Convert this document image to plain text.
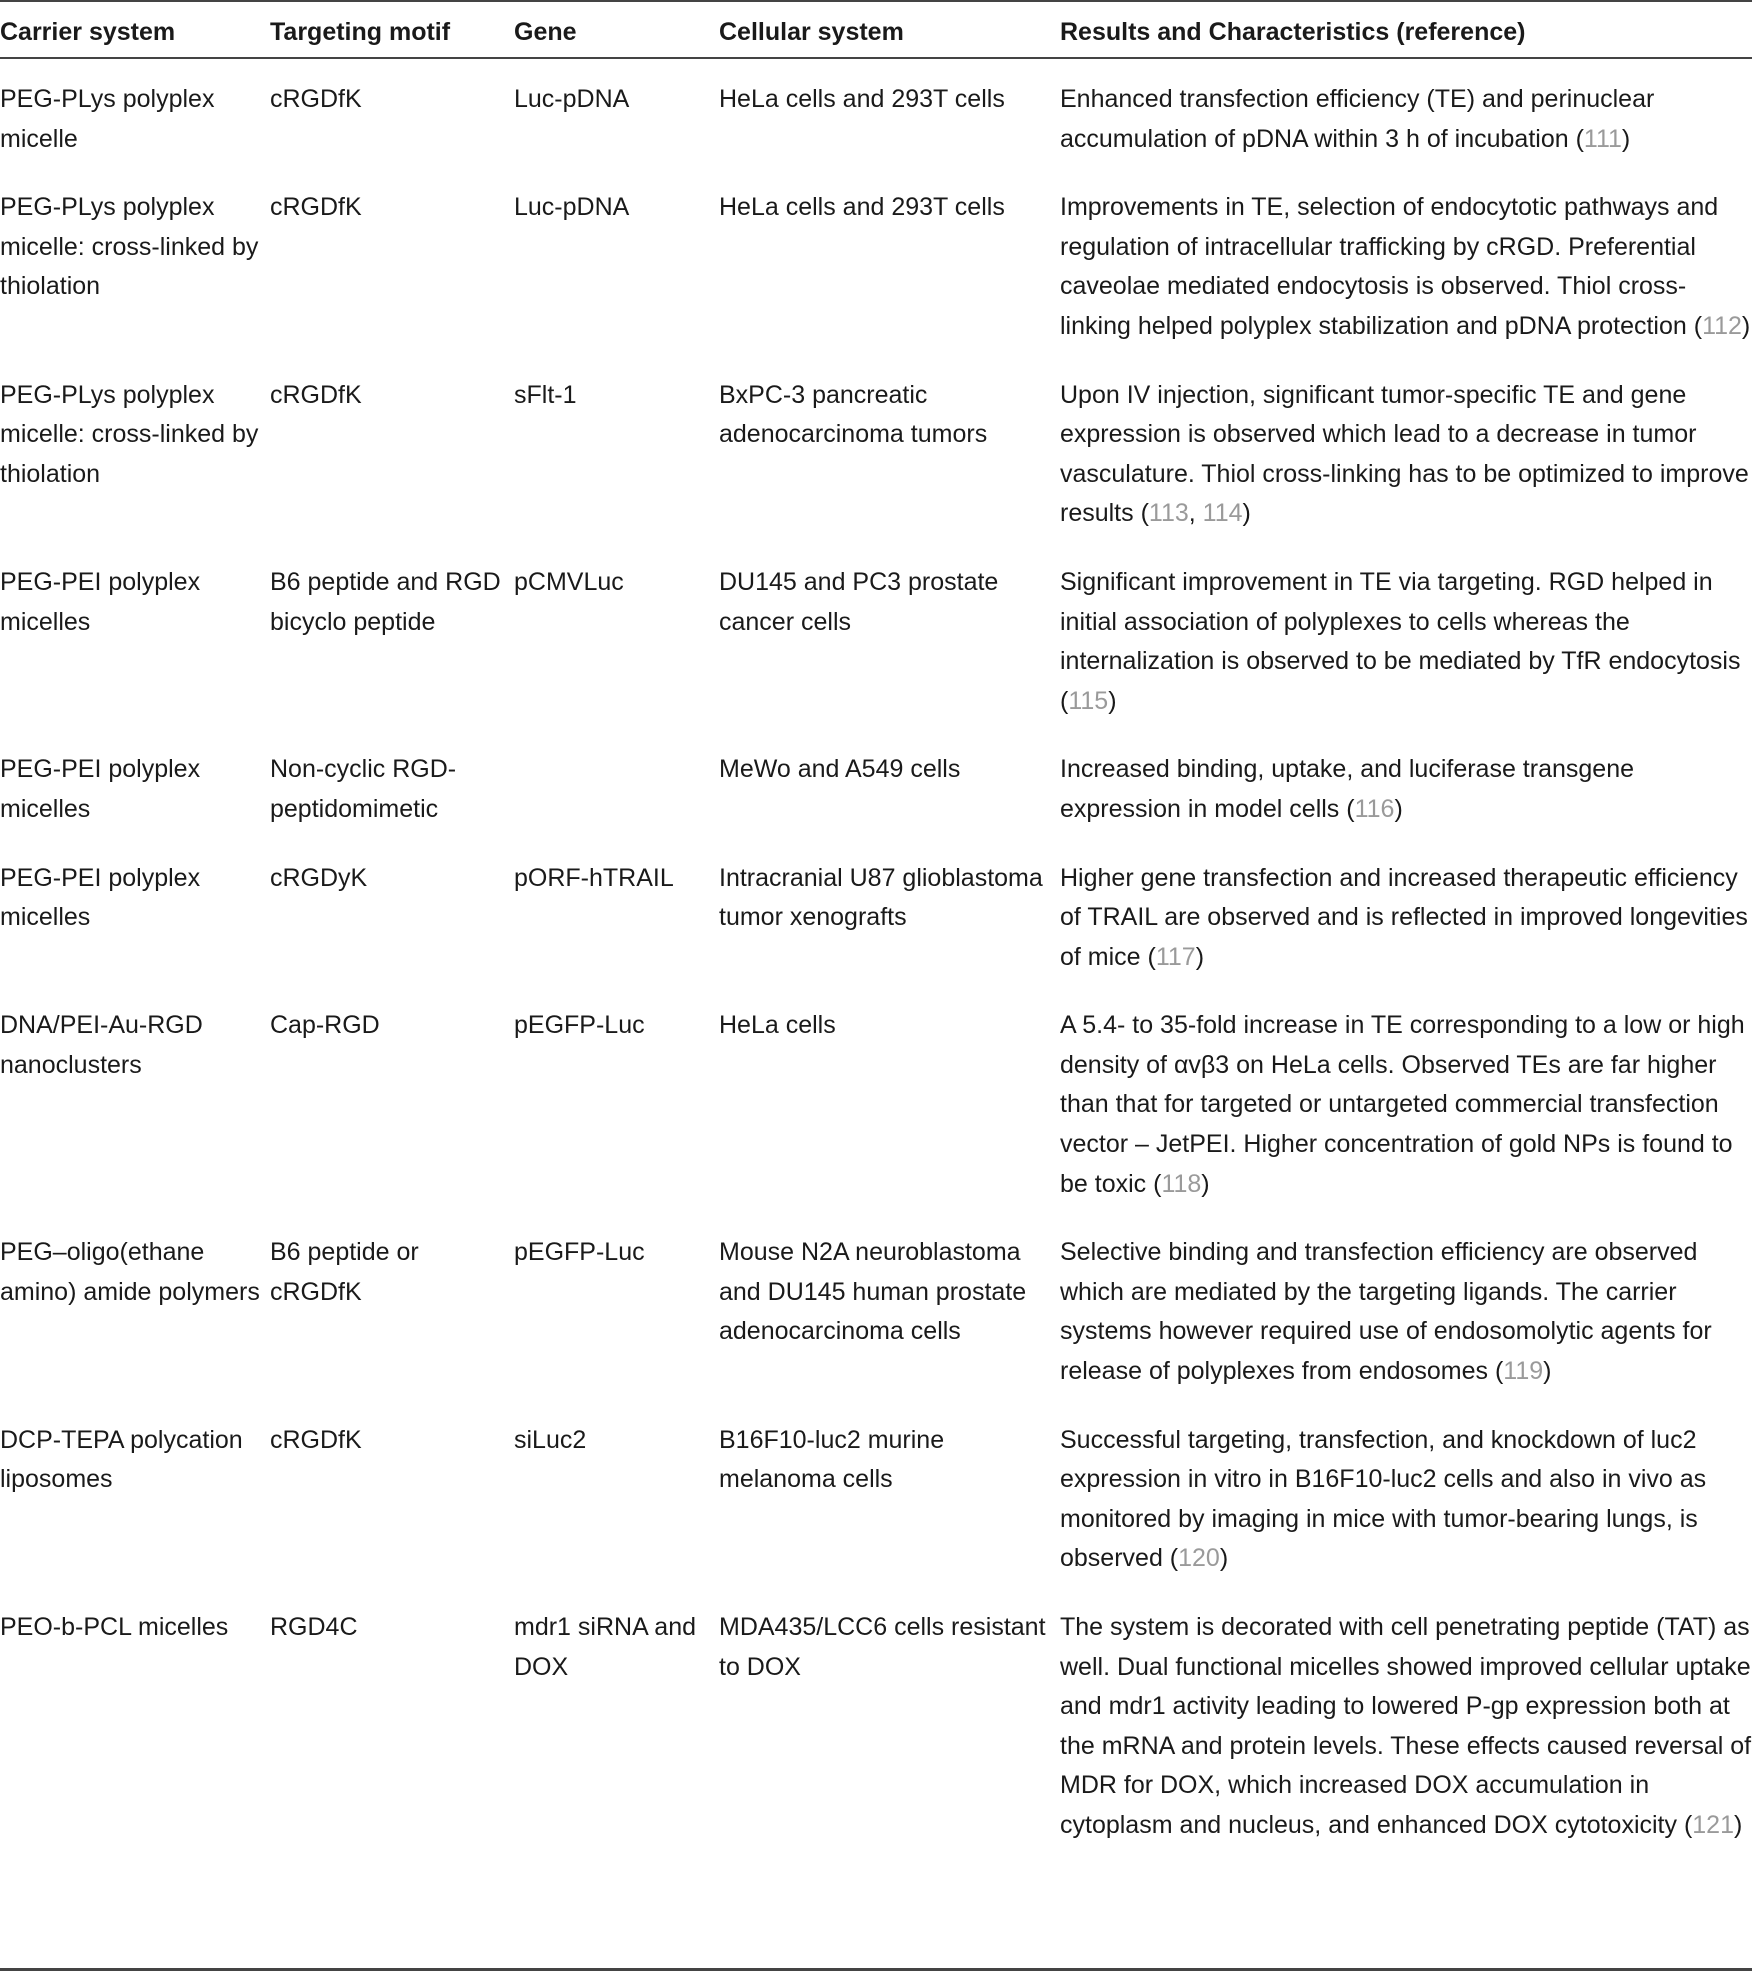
Carrier system	Targeting motif	Gene	Cellular system	Results and Characteristics (reference)
PEG-PLys polyplex micelle	cRGDfK	Luc-pDNA	HeLa cells and 293T cells	Enhanced transfection efficiency (TE) and perinuclear accumulation of pDNA within 3 h of incubation (111)
PEG-PLys polyplex micelle: cross-linked by thiolation	cRGDfK	Luc-pDNA	HeLa cells and 293T cells	Improvements in TE, selection of endocytotic pathways and regulation of intracellular trafficking by cRGD. Preferential caveolae mediated endocytosis is observed. Thiol cross-linking helped polyplex stabilization and pDNA protection (112)
PEG-PLys polyplex micelle: cross-linked by thiolation	cRGDfK	sFlt-1	BxPC-3 pancreatic adenocarcinoma tumors	Upon IV injection, significant tumor-specific TE and gene expression is observed which lead to a decrease in tumor vasculature. Thiol cross-linking has to be optimized to improve results (113, 114)
PEG-PEI polyplex micelles	B6 peptide and RGD bicyclo peptide	pCMVLuc	DU145 and PC3 prostate cancer cells	Significant improvement in TE via targeting. RGD helped in initial association of polyplexes to cells whereas the internalization is observed to be mediated by TfR endocytosis (115)
PEG-PEI polyplex micelles	Non-cyclic RGD-peptidomimetic		MeWo and A549 cells	Increased binding, uptake, and luciferase transgene expression in model cells (116)
PEG-PEI polyplex micelles	cRGDyK	pORF-hTRAIL	Intracranial U87 glioblastoma tumor xenografts	Higher gene transfection and increased therapeutic efficiency of TRAIL are observed and is reflected in improved longevities of mice (117)
DNA/PEI-Au-RGD nanoclusters	Cap-RGD	pEGFP-Luc	HeLa cells	A 5.4- to 35-fold increase in TE corresponding to a low or high density of αvβ3 on HeLa cells. Observed TEs are far higher than that for targeted or untargeted commercial transfection vector – JetPEI. Higher concentration of gold NPs is found to be toxic (118)
PEG–oligo(ethane amino) amide polymers	B6 peptide or cRGDfK	pEGFP-Luc	Mouse N2A neuroblastoma and DU145 human prostate adenocarcinoma cells	Selective binding and transfection efficiency are observed which are mediated by the targeting ligands. The carrier systems however required use of endosomolytic agents for release of polyplexes from endosomes (119)
DCP-TEPA polycation liposomes	cRGDfK	siLuc2	B16F10-luc2 murine melanoma cells	Successful targeting, transfection, and knockdown of luc2 expression in vitro in B16F10-luc2 cells and also in vivo as monitored by imaging in mice with tumor-bearing lungs, is observed (120)
PEO-b-PCL micelles	RGD4C	mdr1 siRNA and DOX	MDA435/LCC6 cells resistant to DOX	The system is decorated with cell penetrating peptide (TAT) as well. Dual functional micelles showed improved cellular uptake and mdr1 activity leading to lowered P-gp expression both at the mRNA and protein levels. These effects caused reversal of MDR for DOX, which increased DOX accumulation in cytoplasm and nucleus, and enhanced DOX cytotoxicity (121)
